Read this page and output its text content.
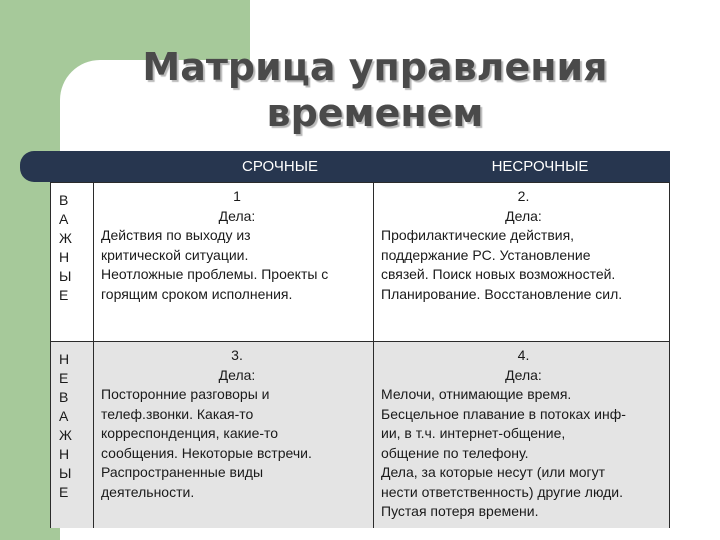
Матрица управления
временем
СРОЧНЫЕ	НЕСРОЧНЫЕ
В
А
Ж
Н
Ы
Е
1
Дела:
Действия по выходу из
критической ситуации.
Неотложные проблемы. Проекты с
горящим сроком исполнения.
2.
Дела:
Профилактические действия,
поддержание PC. Установление
связей. Поиск новых возможностей.
Планирование. Восстановление сил.
Н
Е
В
А
Ж
Н
Ы
Е
3.
Дела:
Посторонние разговоры и
телеф.звонки. Какая-то
корреспонденция, какие-то
сообщения. Некоторые встречи.
Распространенные виды
деятельности.
4.
Дела:
Мелочи, отнимающие время.
Бесцельное плавание в потоках инф-
ии, в т.ч. интернет-общение,
общение по телефону.
Дела, за которые несут (или могут
нести ответственность) другие люди.
Пустая потеря времени.
